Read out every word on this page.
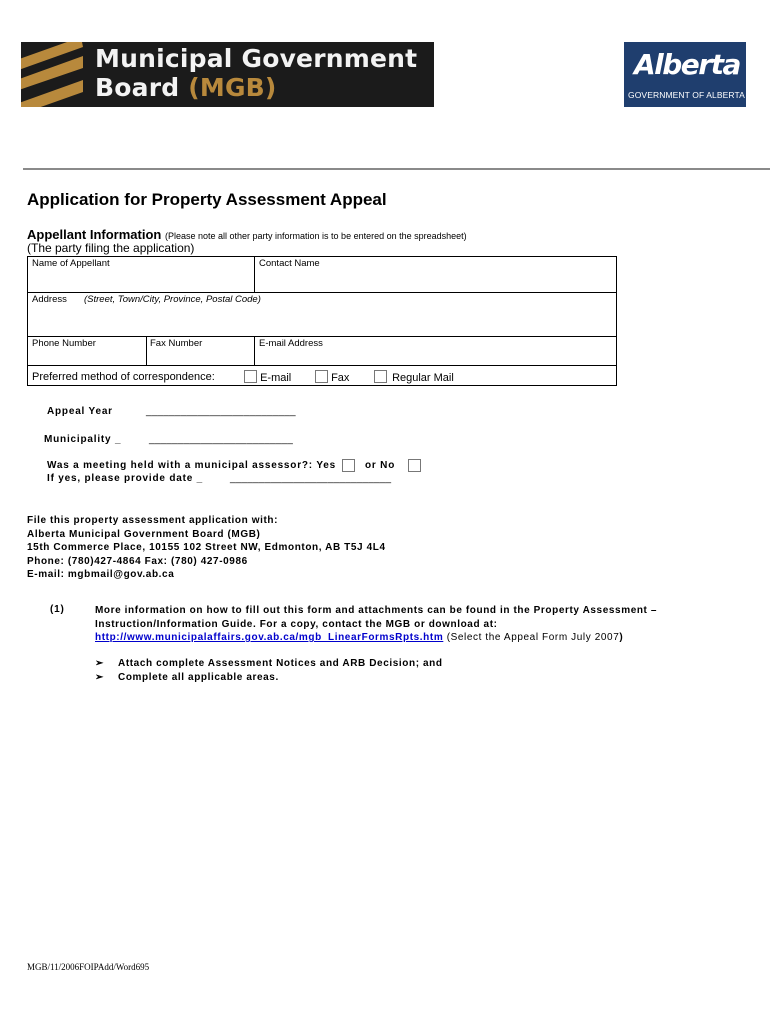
Municipal Government
Board (MGB)
Alberta
GOVERNMENT OF ALBERTA
Application for Property Assessment Appeal
Appellant Information (Please note all other party information is to be entered on the spreadsheet)
(The party filing the application)
Name of Appellant	Contact Name
Address (Street, Town/City, Province, Postal Code)
Phone Number	Fax Number	E-mail Address
Preferred method of correspondence:	E-mail	Fax	Regular Mail
Appeal Year	__________________________
Municipality _	_________________________
Was a meeting held with a municipal assessor?: Yes	or No
If yes, please provide date _	____________________________
File this property assessment application with:
Alberta Municipal Government Board (MGB)
15th Commerce Place, 10155 102 Street NW, Edmonton, AB T5J 4L4
Phone: (780)427-4864 Fax: (780) 427-0986
E-mail: mgbmail@gov.ab.ca
(1)	More information on how to fill out this form and attachments can be found in the Property Assessment – Instruction/Information Guide. For a copy, contact the MGB or download at:
http://www.municipalaffairs.gov.ab.ca/mgb_LinearFormsRpts.htm (Select the Appeal Form July 2007)
➢ Attach complete Assessment Notices and ARB Decision; and
➢ Complete all applicable areas.
MGB/11/2006FOIPAdd/Word695
